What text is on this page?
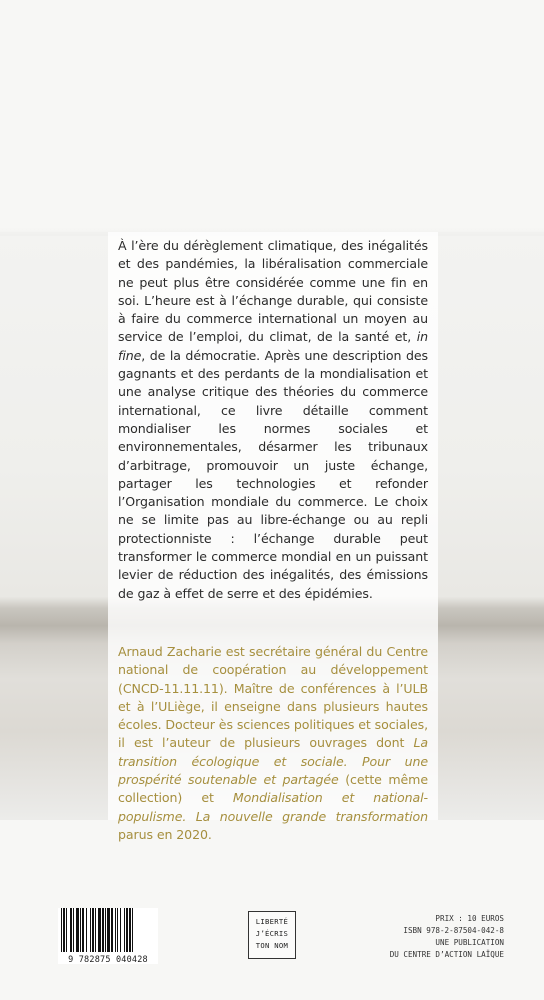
À l’ère du dérèglement climatique, des inégalités et des pandémies, la libéralisation commerciale ne peut plus être considérée comme une fin en soi. L’heure est à l’échange durable, qui consiste à faire du commerce international un moyen au service de l’emploi, du climat, de la santé et, in fine, de la démocratie. Après une description des gagnants et des perdants de la mondialisation et une analyse critique des théories du commerce international, ce livre détaille comment mondialiser les normes sociales et environnementales, désarmer les tribunaux d’arbitrage, promouvoir un juste échange, partager les technologies et refonder l’Organisation mondiale du commerce. Le choix ne se limite pas au libre-échange ou au repli protectionniste : l’échange durable peut transformer le commerce mondial en un puissant levier de réduction des inégalités, des émissions de gaz à effet de serre et des épidémies.
Arnaud Zacharie est secrétaire général du Centre national de coopération au développement (CNCD-11.11.11). Maître de conférences à l’ULB et à l’ULiège, il enseigne dans plusieurs hautes écoles. Docteur ès sciences politiques et sociales, il est l’auteur de plusieurs ouvrages dont La transition écologique et sociale. Pour une prospérité soutenable et partagée (cette même collection) et Mondialisation et national-populisme. La nouvelle grande transformation parus en 2020.
9 782875 040428
LIBERTÉ
J’ÉCRIS
TON NOM
PRIX : 10 EUROS
ISBN 978-2-87504-042-8
UNE PUBLICATION
DU CENTRE D’ACTION LAÏQUE
